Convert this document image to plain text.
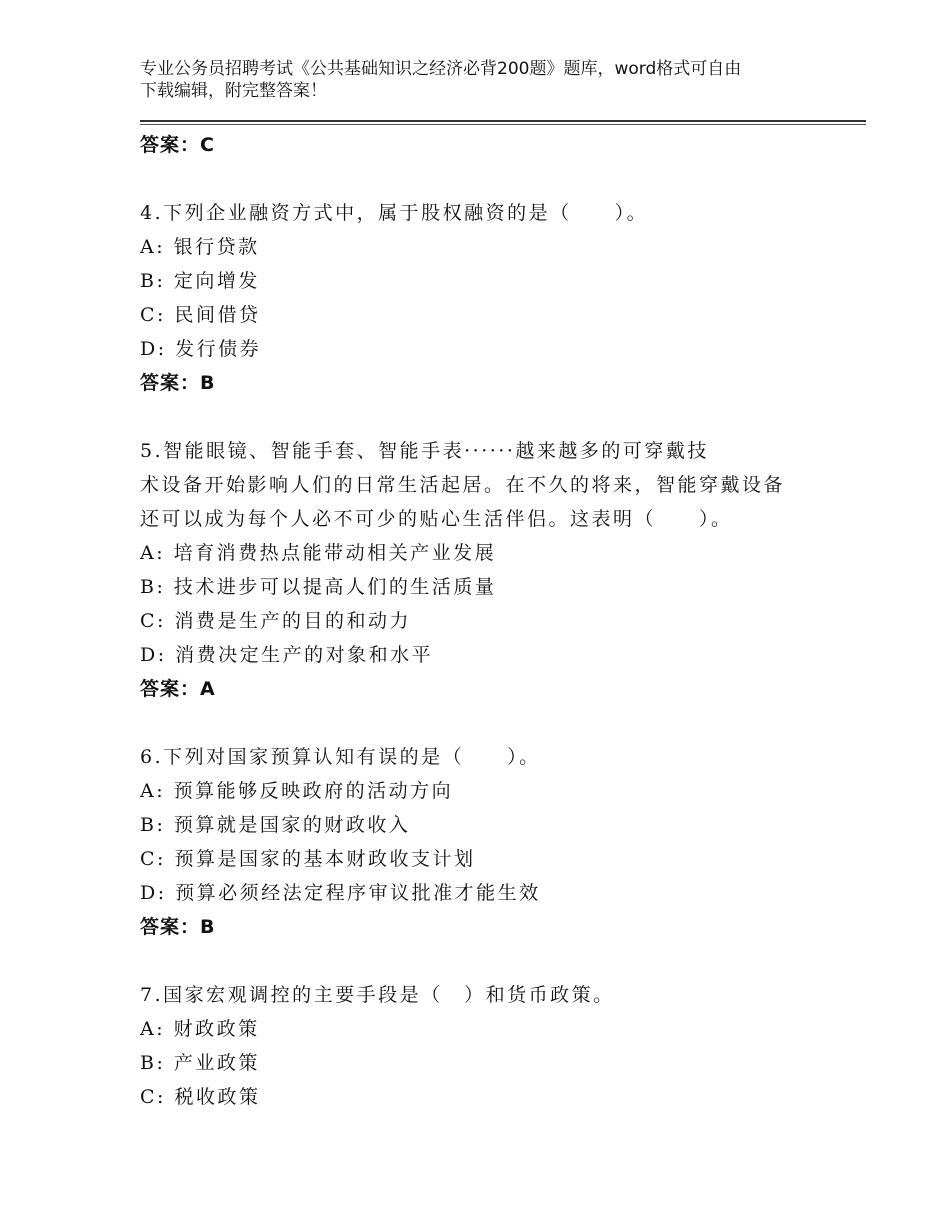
专业公务员招聘考试《公共基础知识之经济必背200题》题库，word格式可自由
下载编辑，附完整答案！
答案：C

4.下列企业融资方式中，属于股权融资的是（　　）。

A: 银行贷款
B: 定向增发
C: 民间借贷
D: 发行债券
答案：B

5.智能眼镜、智能手套、智能手表······越来越多的可穿戴技

术设备开始影响人们的日常生活起居。在不久的将来，智能穿戴设备

还可以成为每个人必不可少的贴心生活伴侣。这表明（　　）。

A: 培育消费热点能带动相关产业发展
B: 技术进步可以提高人们的生活质量
C: 消费是生产的目的和动力
D: 消费决定生产的对象和水平
答案：A

6.下列对国家预算认知有误的是（　　）。

A: 预算能够反映政府的活动方向
B: 预算就是国家的财政收入
C: 预算是国家的基本财政收支计划
D: 预算必须经法定程序审议批准才能生效
答案：B

7.国家宏观调控的主要手段是（　）和货币政策。

A: 财政政策
B: 产业政策
C: 税收政策
